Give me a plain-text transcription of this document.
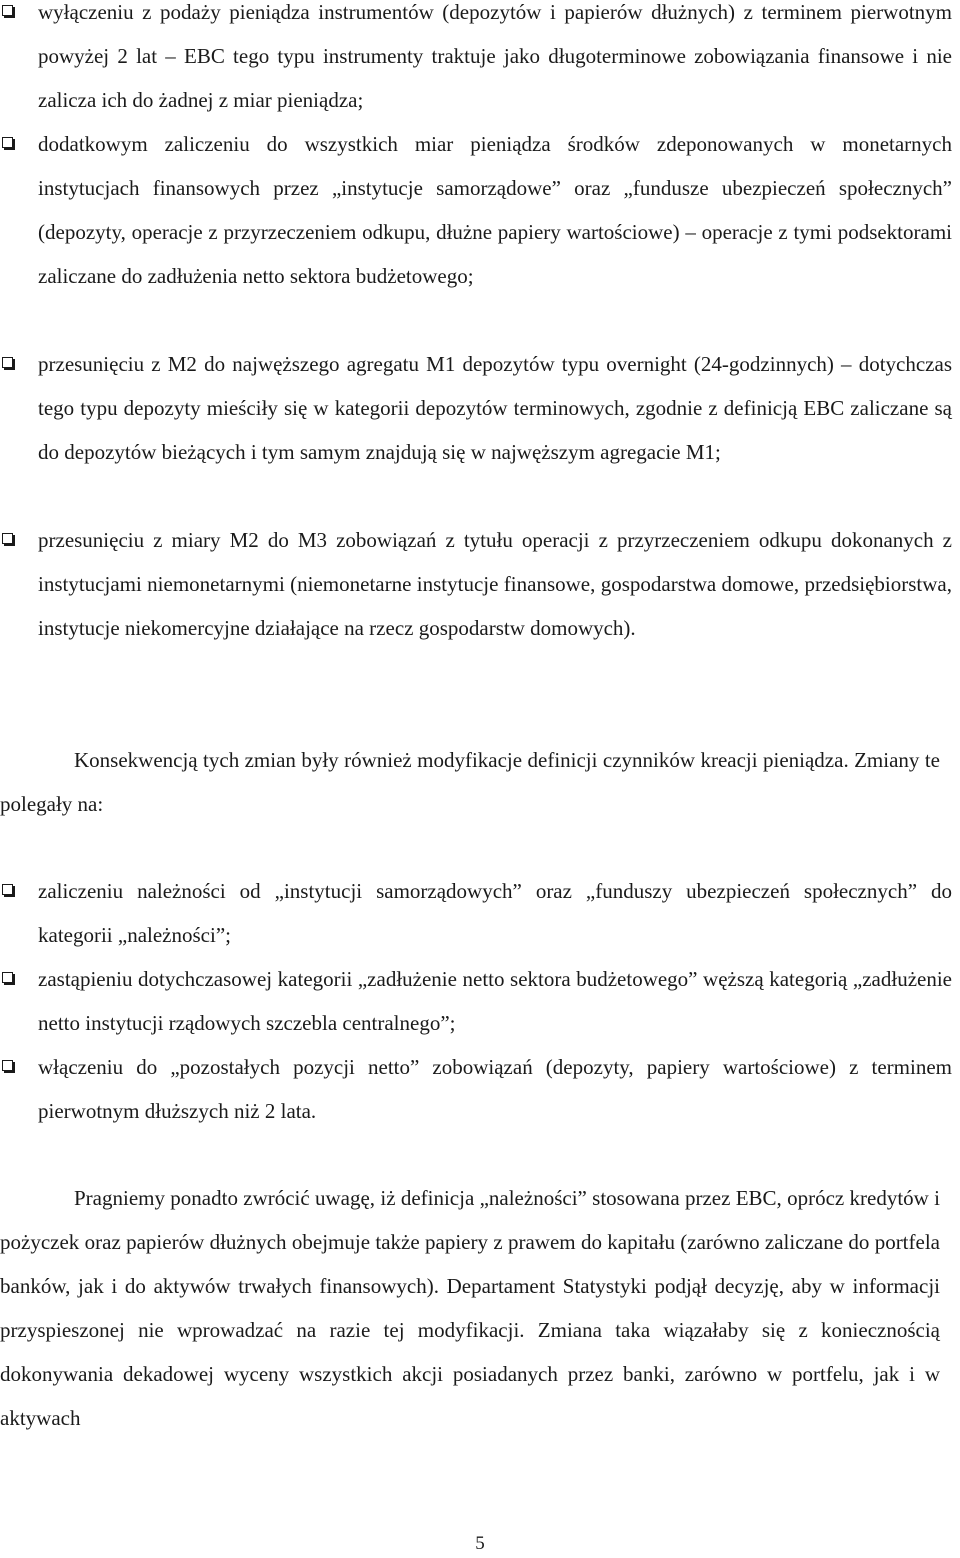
wyłączeniu z podaży pieniądza instrumentów (depozytów i papierów dłużnych) z terminem pierwotnym powyżej 2 lat – EBC tego typu instrumenty traktuje jako długoterminowe zobowiązania finansowe i nie zalicza ich do żadnej z miar pieniądza;
dodatkowym zaliczeniu do wszystkich miar pieniądza środków zdeponowanych w monetarnych instytucjach finansowych przez „instytucje samorządowe” oraz „fundusze ubezpieczeń społecznych” (depozyty, operacje z przyrzeczeniem odkupu, dłużne papiery wartościowe) – operacje z tymi podsektorami zaliczane do zadłużenia netto sektora budżetowego;
przesunięciu z M2 do najwęższego agregatu M1 depozytów typu overnight (24-godzinnych) – dotychczas tego typu depozyty mieściły się w kategorii depozytów terminowych, zgodnie z definicją EBC zaliczane są do depozytów bieżących i tym samym znajdują się w najwęższym agregacie M1;
przesunięciu z miary M2 do M3 zobowiązań z tytułu operacji z przyrzeczeniem odkupu dokonanych z instytucjami niemonetarnymi (niemonetarne instytucje finansowe, gospodarstwa domowe, przedsiębiorstwa, instytucje niekomercyjne działające na rzecz gospodarstw domowych).
Konsekwencją tych zmian były również modyfikacje definicji czynników kreacji pieniądza. Zmiany te polegały na:
zaliczeniu należności od „instytucji samorządowych” oraz „funduszy ubezpieczeń społecznych” do kategorii „należności”;
zastąpieniu dotychczasowej kategorii „zadłużenie netto sektora budżetowego” węższą kategorią „zadłużenie netto instytucji rządowych szczebla centralnego”;
włączeniu do „pozostałych pozycji netto” zobowiązań (depozyty, papiery wartościowe) z terminem pierwotnym dłuższych niż 2 lata.
Pragniemy ponadto zwrócić uwagę, iż definicja „należności” stosowana przez EBC, oprócz kredytów i pożyczek oraz papierów dłużnych obejmuje także papiery z prawem do kapitału (zarówno zaliczane do portfela banków, jak i do aktywów trwałych finansowych). Departament Statystyki podjął decyzję, aby w informacji przyspieszonej nie wprowadzać na razie tej modyfikacji. Zmiana taka wiązałaby się z koniecznością dokonywania dekadowej wyceny wszystkich akcji posiadanych przez banki, zarówno w portfelu, jak i w aktywach
5
